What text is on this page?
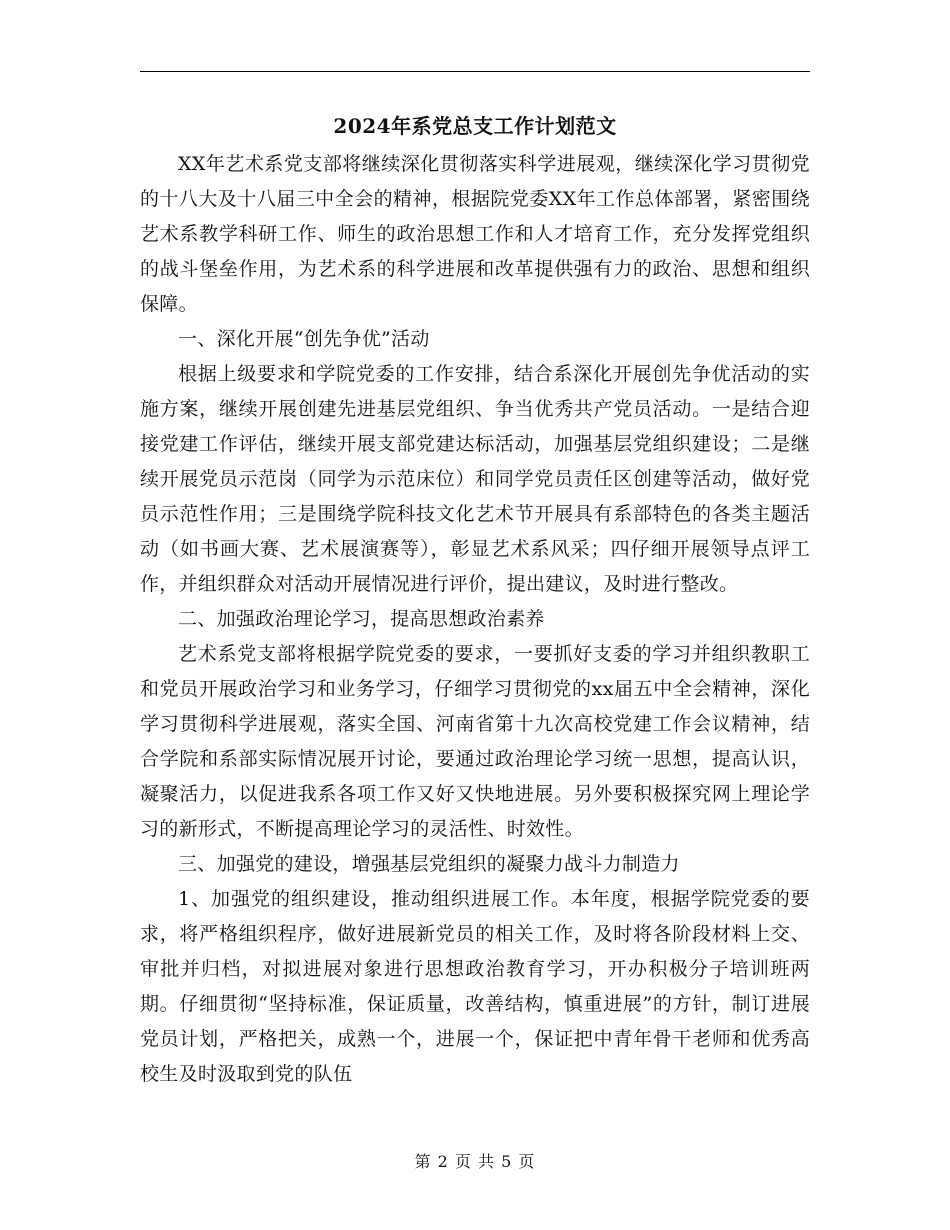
2024年系党总支工作计划范文

XX年艺术系党支部将继续深化贯彻落实科学进展观，继续深化学习贯彻党的十八大及十八届三中全会的精神，根据院党委XX年工作总体部署，紧密围绕艺术系教学科研工作、师生的政治思想工作和人才培育工作，充分发挥党组织的战斗堡垒作用，为艺术系的科学进展和改革提供强有力的政治、思想和组织保障。

一、深化开展“创先争优”活动

根据上级要求和学院党委的工作安排，结合系深化开展创先争优活动的实施方案，继续开展创建先进基层党组织、争当优秀共产党员活动。一是结合迎接党建工作评估，继续开展支部党建达标活动，加强基层党组织建设；二是继续开展党员示范岗（同学为示范床位）和同学党员责任区创建等活动，做好党员示范性作用；三是围绕学院科技文化艺术节开展具有系部特色的各类主题活动（如书画大赛、艺术展演赛等），彰显艺术系风采；四仔细开展领导点评工作，并组织群众对活动开展情况进行评价，提出建议，及时进行整改。

二、加强政治理论学习，提高思想政治素养

艺术系党支部将根据学院党委的要求，一要抓好支委的学习并组织教职工和党员开展政治学习和业务学习，仔细学习贯彻党的xx届五中全会精神，深化学习贯彻科学进展观，落实全国、河南省第十九次高校党建工作会议精神，结合学院和系部实际情况展开讨论，要通过政治理论学习统一思想，提高认识，凝聚活力，以促进我系各项工作又好又快地进展。另外要积极探究网上理论学习的新形式，不断提高理论学习的灵活性、时效性。

三、加强党的建设，增强基层党组织的凝聚力战斗力制造力

1、加强党的组织建设，推动组织进展工作。本年度，根据学院党委的要求，将严格组织程序，做好进展新党员的相关工作，及时将各阶段材料上交、审批并归档，对拟进展对象进行思想政治教育学习，开办积极分子培训班两期。仔细贯彻“坚持标准，保证质量，改善结构，慎重进展”的方针，制订进展党员计划，严格把关，成熟一个，进展一个，保证把中青年骨干老师和优秀高校生及时汲取到党的队伍

第 2 页 共 5 页
